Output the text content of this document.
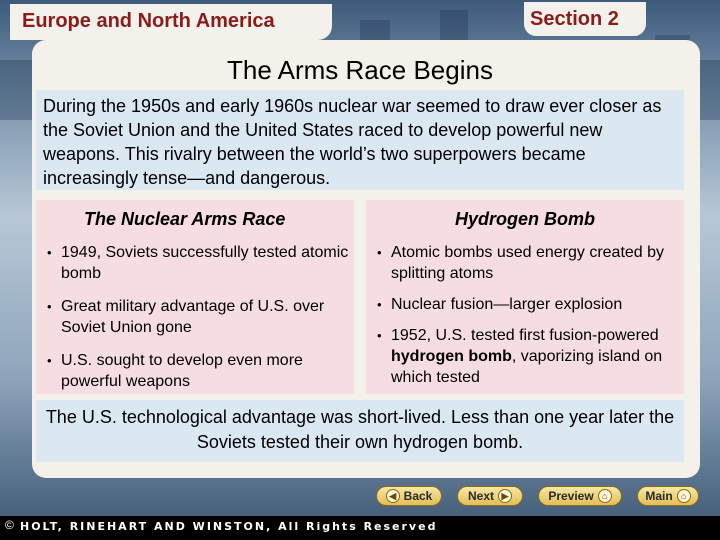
Europe and North America	Section 2
The Arms Race Begins
During the 1950s and early 1960s nuclear war seemed to draw ever closer as the Soviet Union and the United States raced to develop powerful new weapons. This rivalry between the world’s two superpowers became increasingly tense—and dangerous.
The Nuclear Arms Race
• 1949, Soviets successfully tested atomic bomb
• Great military advantage of U.S. over Soviet Union gone
• U.S. sought to develop even more powerful weapons
Hydrogen Bomb
• Atomic bombs used energy created by splitting atoms
• Nuclear fusion—larger explosion
• 1952, U.S. tested first fusion-powered hydrogen bomb, vaporizing island on which tested
The U.S. technological advantage was short-lived. Less than one year later the Soviets tested their own hydrogen bomb.
◀ Back	Next ▶	Preview ⌂	Main ⌂
© HOLT, RINEHART AND WINSTON, All Rights Reserved
